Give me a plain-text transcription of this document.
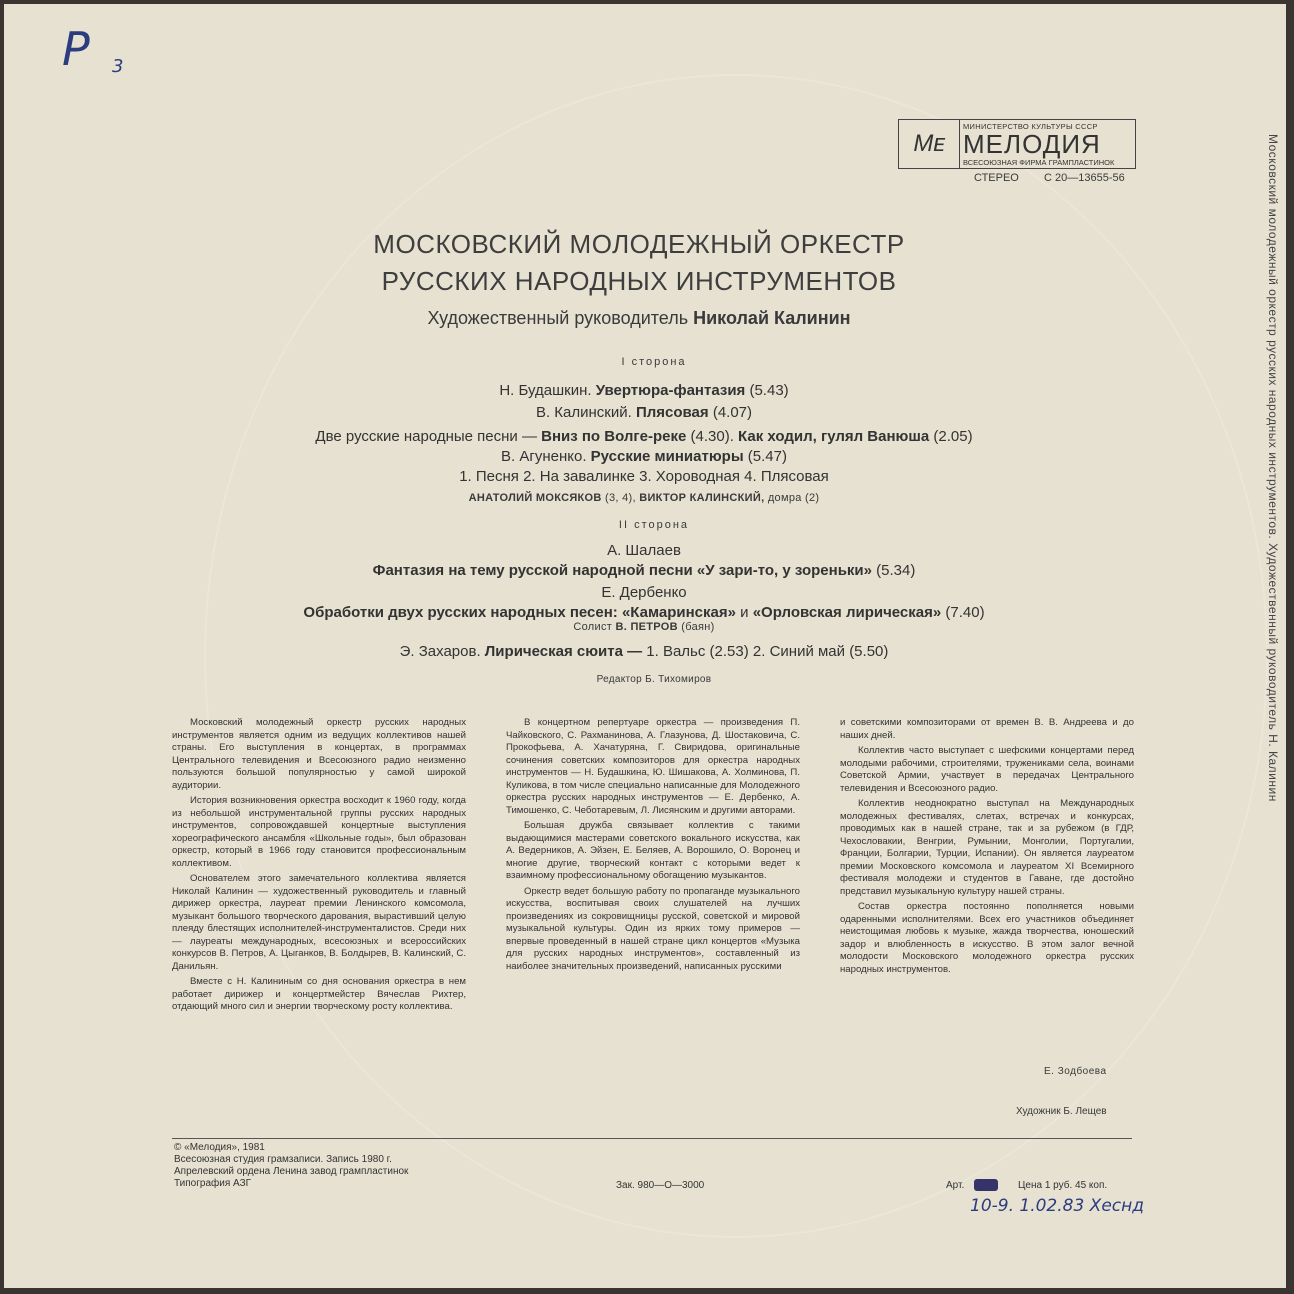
Р 3
Московский молодежный оркестр русских народных инструментов. Художественный руководитель Н. Калинин
Мᴇ
МИНИСТЕРСТВО КУЛЬТУРЫ СССР
МЕЛОДИЯ
ВСЕСОЮЗНАЯ ФИРМА ГРАМПЛАСТИНОК
СТЕРЕО С 20—13655-56
МОСКОВСКИЙ МОЛОДЕЖНЫЙ ОРКЕСТР
РУССКИХ НАРОДНЫХ ИНСТРУМЕНТОВ
Художественный руководитель Николай Калинин
I сторона
Н. Будашкин. Увертюра-фантазия (5.43)
В. Калинский. Плясовая (4.07)
Две русские народные песни — Вниз по Волге-реке (4.30). Как ходил, гулял Ванюша (2.05)
В. Агуненко. Русские миниатюры (5.47)
1. Песня 2. На завалинке 3. Хороводная 4. Плясовая
АНАТОЛИЙ МОКСЯКОВ (3, 4), ВИКТОР КАЛИНСКИЙ, домра (2)
II сторона
А. Шалаев
Фантазия на тему русской народной песни «У зари-то, у зореньки» (5.34)
Е. Дербенко
Обработки двух русских народных песен: «Камаринская» и «Орловская лирическая» (7.40)
Солист В. ПЕТРОВ (баян)
Э. Захаров. Лирическая сюита — 1. Вальс (2.53) 2. Синий май (5.50)
Редактор Б. Тихомиров

Московский молодежный оркестр русских народных инструментов является одним из ведущих коллективов нашей страны. Его выступления в концертах, в программах Центрального телевидения и Всесоюзного радио неизменно пользуются большой популярностью у самой широкой аудитории.

История возникновения оркестра восходит к 1960 году, когда из небольшой инструментальной группы русских народных инструментов, сопровождавшей концертные выступления хореографического ансамбля «Школьные годы», был образован оркестр, который в 1966 году становится профессиональным коллективом.

Основателем этого замечательного коллектива является Николай Калинин — художественный руководитель и главный дирижер оркестра, лауреат премии Ленинского комсомола, музыкант большого творческого дарования, вырастивший целую плеяду блестящих исполнителей-инструменталистов. Среди них — лауреаты международных, всесоюзных и всероссийских конкурсов В. Петров, А. Цыганков, В. Болдырев, В. Калинский, С. Данильян.

Вместе с Н. Калининым со дня основания оркестра в нем работает дирижер и концертмейстер Вячеслав Рихтер, отдающий много сил и энергии творческому росту коллектива.

В концертном репертуаре оркестра — произведения П. Чайковского, С. Рахманинова, А. Глазунова, Д. Шостаковича, С. Прокофьева, А. Хачатуряна, Г. Свиридова, оригинальные сочинения советских композиторов для оркестра народных инструментов — Н. Будашкина, Ю. Шишакова, А. Холминова, П. Куликова, в том числе специально написанные для Молодежного оркестра русских народных инструментов — Е. Дербенко, А. Тимошенко, С. Чеботаревым, Л. Лисянским и другими авторами.

Большая дружба связывает коллектив с такими выдающимися мастерами советского вокального искусства, как А. Ведерников, А. Эйзен, Е. Беляев, А. Ворошило, О. Воронец и многие другие, творческий контакт с которыми ведет к взаимному профессиональному обогащению музыкантов.

Оркестр ведет большую работу по пропаганде музыкального искусства, воспитывая своих слушателей на лучших произведениях из сокровищницы русской, советской и мировой музыкальной культуры. Один из ярких тому примеров — впервые проведенный в нашей стране цикл концертов «Музыка для русских народных инструментов», составленный из наиболее значительных произведений, написанных русскими

и советскими композиторами от времен В. В. Андреева и до наших дней.

Коллектив часто выступает с шефскими концертами перед молодыми рабочими, строителями, тружениками села, воинами Советской Армии, участвует в передачах Центрального телевидения и Всесоюзного радио.

Коллектив неоднократно выступал на Международных молодежных фестивалях, слетах, встречах и конкурсах, проводимых как в нашей стране, так и за рубежом (в ГДР, Чехословакии, Венгрии, Румынии, Монголии, Португалии, Франции, Болгарии, Турции, Испании). Он является лауреатом премии Московского комсомола и лауреатом XI Всемирного фестиваля молодежи и студентов в Гаване, где достойно представил музыкальную культуру нашей страны.

Состав оркестра постоянно пополняется новыми одаренными исполнителями. Всех его участников объединяет неистощимая любовь к музыке, жажда творчества, юношеский задор и влюбленность в искусство. В этом залог вечной молодости Московского молодежного оркестра русских народных инструментов.

Е. Зодбоева
Художник Б. Лещев
© «Мелодия», 1981
Всесоюзная студия грамзаписи. Запись 1980 г.
Апрелевский ордена Ленина завод грампластинок
Типография АЗГ	Зак. 980—О—3000	Арт.	Цена 1 руб. 45 коп.
10-9. 1.02.83 Хеснд
